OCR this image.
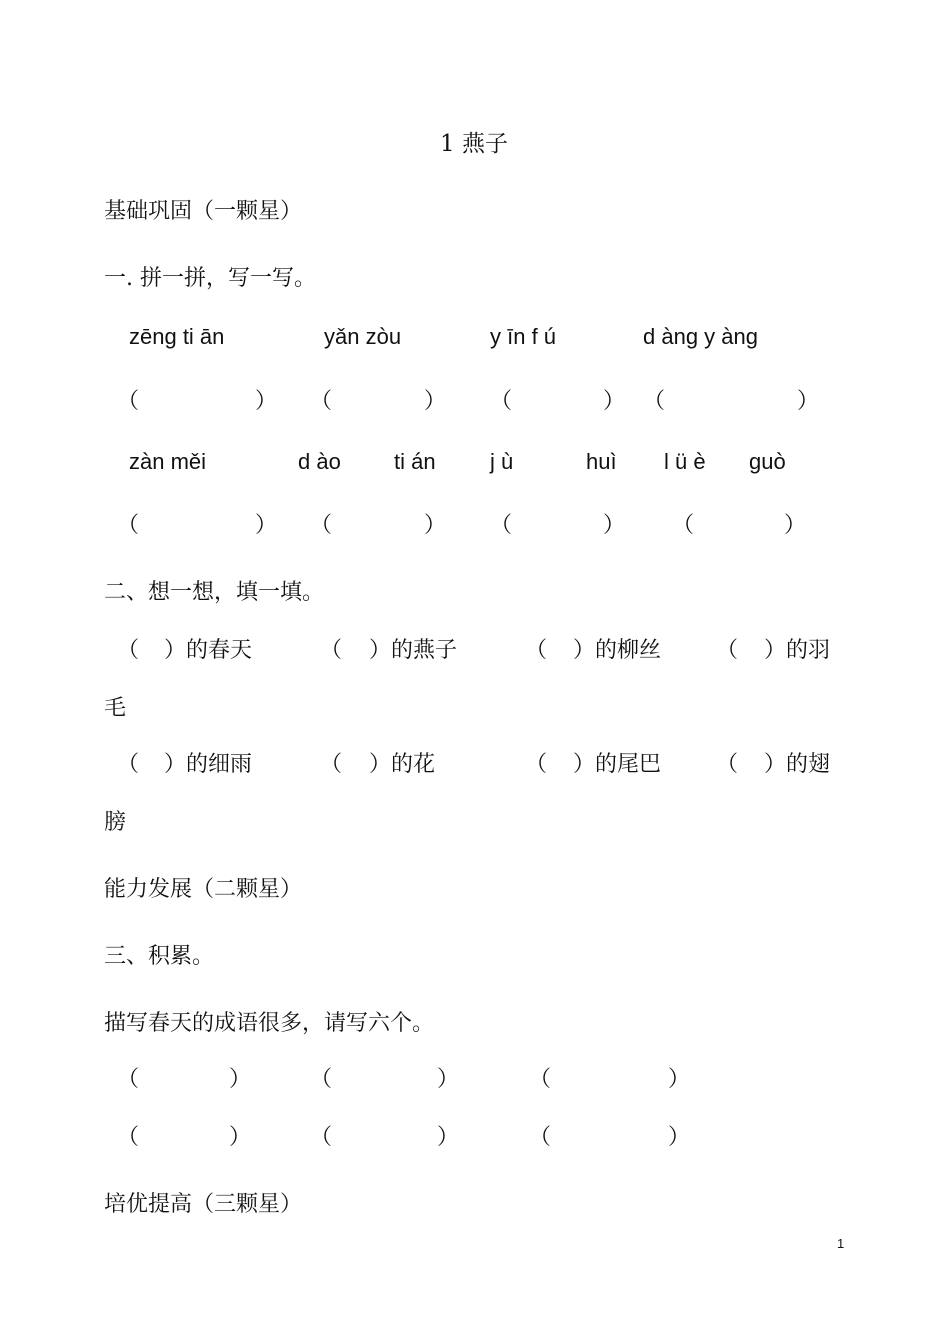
1 燕子
基础巩固（一颗星）
一. 拼一拼，写一写。
zēng ti ān	yǎn zòu	y īn f ú	d àng y àng
（	） （	） （	） （	）
zàn měi	d ào ti án j ù	huì l ü è guò
（	） （	） （	） （	）
二、想一想，填一填。
（ ）的春天	（ ）的燕子	（ ）的柳丝 （ ）的羽
毛
（ ）的细雨	（ ）的花	（ ）的尾巴 （ ）的翅
膀
能力发展（二颗星）
三、积累。
描写春天的成语很多，请写六个。
（	）	（	）	（	）
（	）	（	）	（	）
培优提高（三颗星）
1
